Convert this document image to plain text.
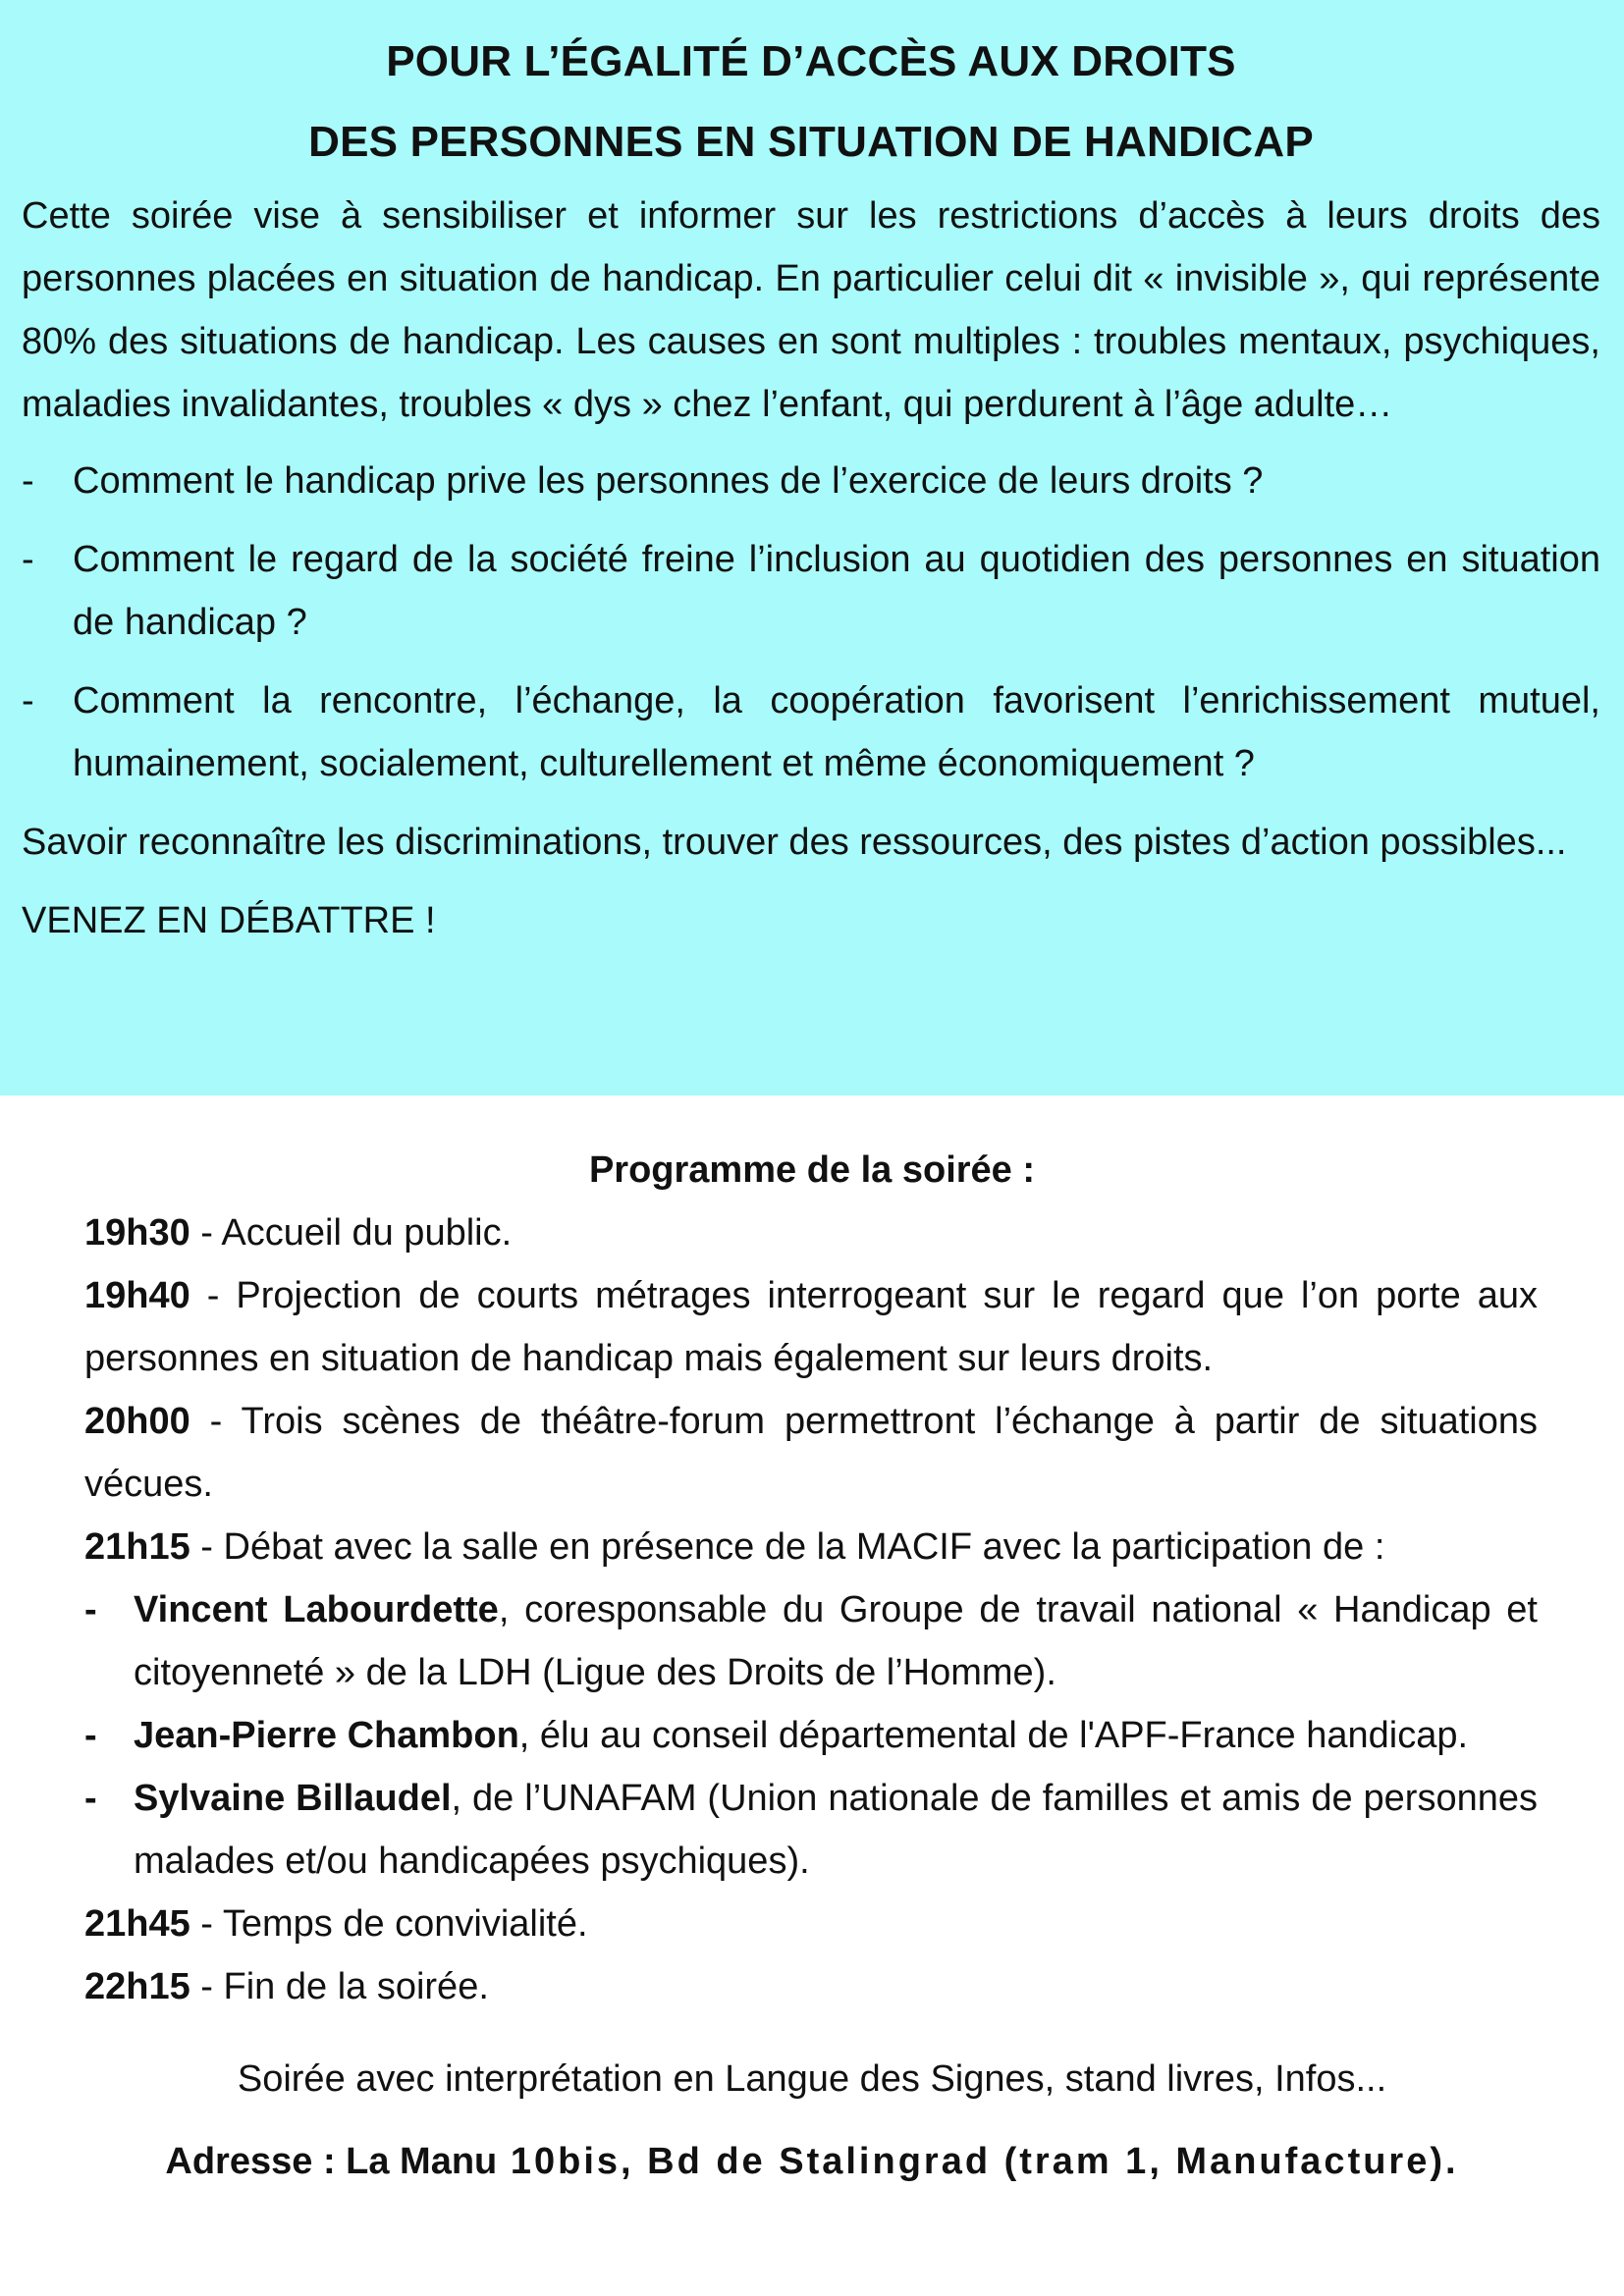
POUR L’ÉGALITÉ D’ACCÈS AUX DROITS
DES PERSONNES EN SITUATION DE HANDICAP

Cette soirée vise à sensibiliser et informer sur les restrictions d’accès à leurs droits des personnes placées en situation de handicap. En particulier celui dit « invisible », qui représente 80% des situations de handicap. Les causes en sont multiples : troubles mentaux, psychiques, maladies invalidantes, troubles « dys » chez l’enfant, qui perdurent à l’âge adulte…

- Comment le handicap prive les personnes de l’exercice de leurs droits ?
- Comment le regard de la société freine l’inclusion au quotidien des personnes en situation de handicap ?
- Comment la rencontre, l’échange, la coopération favorisent l’enrichissement mutuel, humainement, socialement, culturellement et même économiquement ?

Savoir reconnaître les discriminations, trouver des ressources, des pistes d’action possibles...

VENEZ EN DÉBATTRE !

Programme de la soirée :

19h30 - Accueil du public.

19h40 - Projection de courts métrages interrogeant sur le regard que l’on porte aux personnes en situation de handicap mais également sur leurs droits.

20h00 - Trois scènes de théâtre-forum permettront l’échange à partir de situations vécues.

21h15 - Débat avec la salle en présence de la MACIF avec la participation de :

- Vincent Labourdette, coresponsable du Groupe de travail national « Handicap et citoyenneté » de la LDH (Ligue des Droits de l’Homme).
- Jean-Pierre Chambon, élu au conseil départemental de l'APF-France handicap.
- Sylvaine Billaudel, de l’UNAFAM (Union nationale de familles et amis de personnes malades et/ou handicapées psychiques).

21h45 - Temps de convivialité.

22h15 - Fin de la soirée.

Soirée avec interprétation en Langue des Signes, stand livres, Infos...

Adresse : La Manu 10bis, Bd de Stalingrad (tram 1, Manufacture).
